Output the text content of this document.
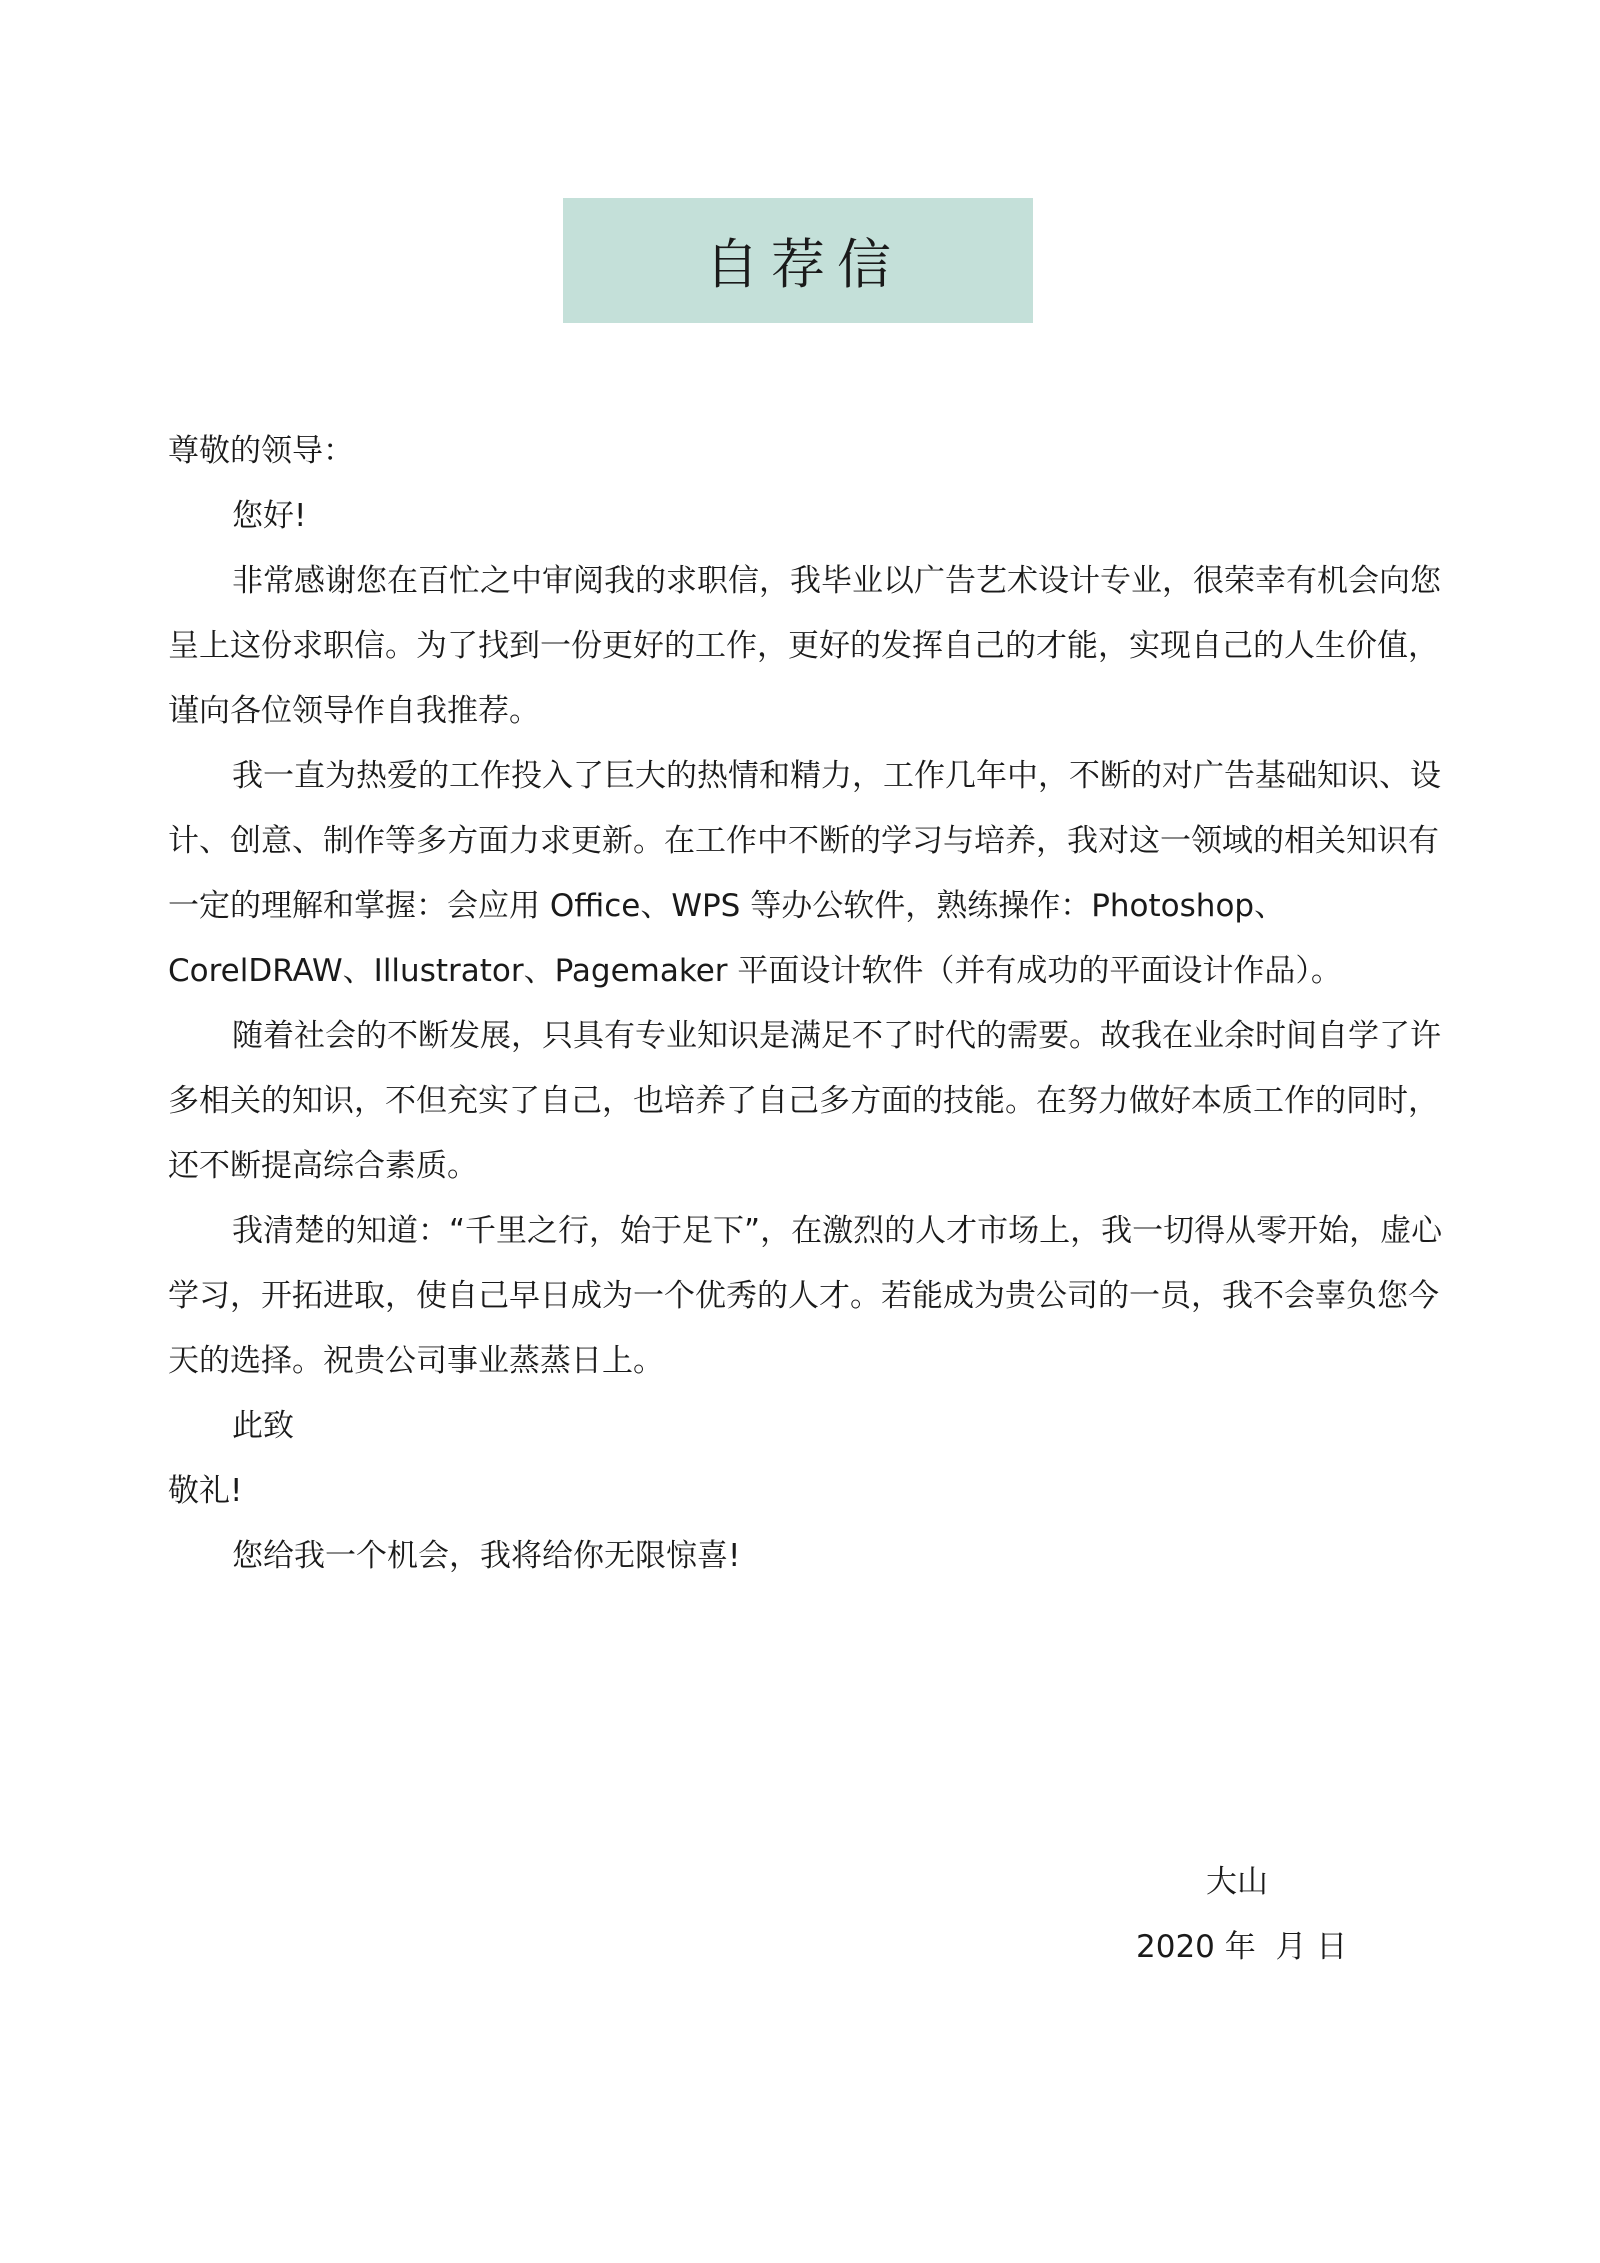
自荐信

尊敬的领导：

您好!

非常感谢您在百忙之中审阅我的求职信，我毕业以广告艺术设计专业，很荣幸有机会向您呈上这份求职信。为了找到一份更好的工作，更好的发挥自己的才能，实现自己的人生价值，谨向各位领导作自我推荐。

我一直为热爱的工作投入了巨大的热情和精力，工作几年中，不断的对广告基础知识、设计、创意、制作等多方面力求更新。在工作中不断的学习与培养，我对这一领域的相关知识有一定的理解和掌握：会应用 Office、WPS 等办公软件，熟练操作：Photoshop、CorelDRAW、Illustrator、Pagemaker 平面设计软件（并有成功的平面设计作品）。

随着社会的不断发展，只具有专业知识是满足不了时代的需要。故我在业余时间自学了许多相关的知识，不但充实了自己，也培养了自己多方面的技能。在努力做好本质工作的同时，还不断提高综合素质。

我清楚的知道：“千里之行，始于足下”，在激烈的人才市场上，我一切得从零开始，虚心学习，开拓进取，使自己早日成为一个优秀的人才。若能成为贵公司的一员，我不会辜负您今天的选择。祝贵公司事业蒸蒸日上。

此致

敬礼!

您给我一个机会，我将给你无限惊喜!

大山
2020 年  月 日
